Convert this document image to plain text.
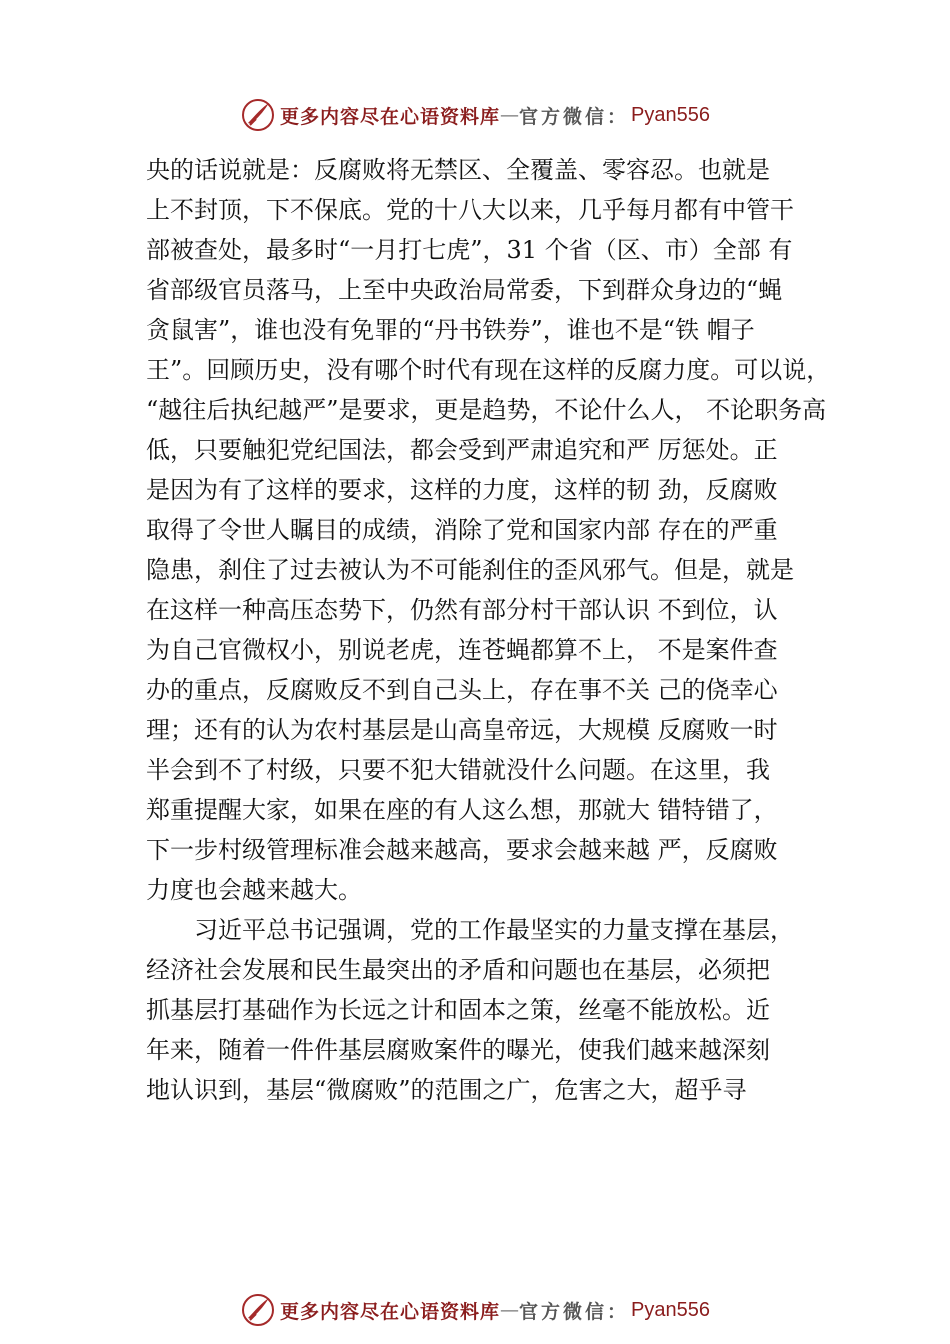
更多内容尽在心语资料库 — 官方微信： Pyan556
央的话说就是：反腐败将无禁区、全覆盖、零容忍。也就是
上不封顶，下不保底。党的十八大以来，几乎每月都有中管干
部被查处，最多时“一月打七虎”，31 个省（区、市）全部 有
省部级官员落马，上至中央政治局常委，下到群众身边的“蝇
贪鼠害”，谁也没有免罪的“丹书铁券”，谁也不是“铁 帽子
王”。回顾历史，没有哪个时代有现在这样的反腐力度。可以说，
“越往后执纪越严”是要求，更是趋势，不论什么人， 不论职务高
低，只要触犯党纪国法，都会受到严肃追究和严 厉惩处。正
是因为有了这样的要求，这样的力度，这样的韧 劲，反腐败
取得了令世人瞩目的成绩，消除了党和国家内部 存在的严重
隐患，刹住了过去被认为不可能刹住的歪风邪气。但是，就是
在这样一种高压态势下，仍然有部分村干部认识 不到位，认
为自己官微权小，别说老虎，连苍蝇都算不上， 不是案件查
办的重点，反腐败反不到自己头上，存在事不关 己的侥幸心
理；还有的认为农村基层是山高皇帝远，大规模 反腐败一时
半会到不了村级，只要不犯大错就没什么问题。在这里，我
郑重提醒大家，如果在座的有人这么想，那就大 错特错了，
下一步村级管理标准会越来越高，要求会越来越 严，反腐败
力度也会越来越大。
　　习近平总书记强调，党的工作最坚实的力量支撑在基层，
经济社会发展和民生最突出的矛盾和问题也在基层，必须把
抓基层打基础作为长远之计和固本之策，丝毫不能放松。近
年来，随着一件件基层腐败案件的曝光，使我们越来越深刻
地认识到，基层“微腐败”的范围之广，危害之大，超乎寻
更多内容尽在心语资料库 — 官方微信： Pyan556
